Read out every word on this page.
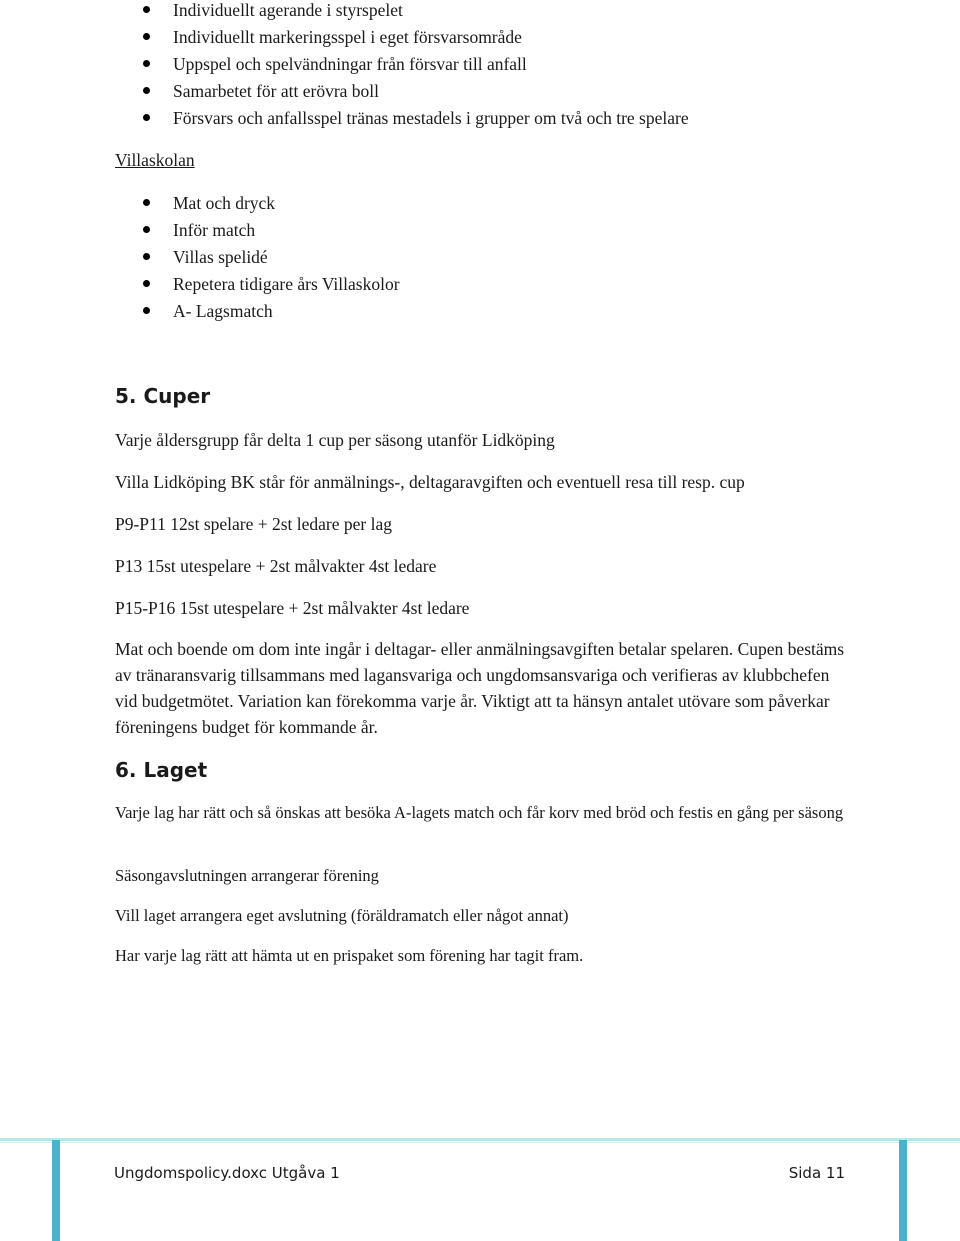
Individuellt agerande i styrspelet
Individuellt markeringsspel i eget försvarsområde
Uppspel och spelvändningar från försvar till anfall
Samarbetet för att erövra boll
Försvars och anfallsspel tränas mestadels i grupper om två och tre spelare

Villaskolan

Mat och dryck
Inför match
Villas spelidé
Repetera tidigare års Villaskolor
A- Lagsmatch

5. Cuper

Varje åldersgrupp får delta 1 cup per säsong utanför Lidköping

Villa Lidköping BK står för anmälnings-, deltagaravgiften och eventuell resa till resp. cup

P9-P11 12st spelare + 2st ledare per lag

P13 15st utespelare + 2st målvakter 4st ledare

P15-P16 15st utespelare + 2st målvakter 4st ledare

Mat och boende om dom inte ingår i deltagar- eller anmälningsavgiften betalar spelaren. Cupen bestäms av tränaransvarig tillsammans med lagansvariga och ungdomsansvariga och verifieras av klubbchefen vid budgetmötet. Variation kan förekomma varje år. Viktigt att ta hänsyn antalet utövare som påverkar föreningens budget för kommande år.

6. Laget

Varje lag har rätt och så önskas att besöka A-lagets match och får korv med bröd och festis en gång per säsong

Säsongavslutningen arrangerar förening

Vill laget arrangera eget avslutning (föräldramatch eller något annat)

Har varje lag rätt att hämta ut en prispaket som förening har tagit fram.

Ungdomspolicy.doxc Utgåva 1	Sida 11
